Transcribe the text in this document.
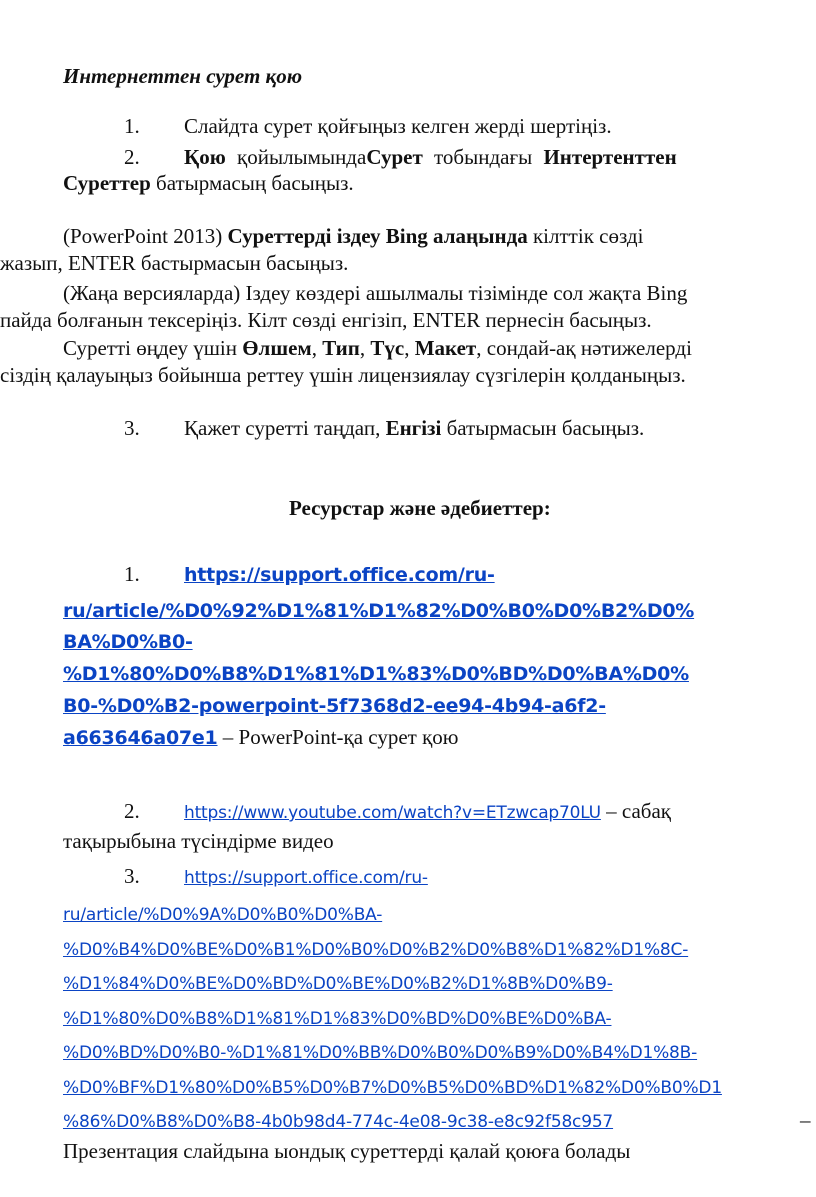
Интернеттен сурет қою
1. Слайдта сурет қойғыңыз келген жерді шертіңіз.
2. Қою қойылымындаСурет тобындағы Интертенттен
Суреттер батырмасың басыңыз.
(PowerPoint 2013) Суреттерді іздеу Bing алаңында кілттік сөзді
жазып, ENTER бастырмасын басыңыз.
(Жаңа версияларда) Іздеу көздері ашылмалы тізімінде сол жақта Bing
пайда болғанын тексеріңіз. Кілт сөзді енгізіп, ENTER пернесін басыңыз.
Суретті өңдеу үшін Өлшем, Тип, Түс, Макет, сондай-ақ нәтижелерді
сіздің қалауыңыз бойынша реттеу үшін лицензиялау сүзгілерін қолданыңыз.
3. Қажет суретті таңдап, Енгізі батырмасын басыңыз.
Ресурстар және әдебиеттер:
1. https://support.office.com/ru-
ru/article/%D0%92%D1%81%D1%82%D0%B0%D0%B2%D0%
BA%D0%B0-
%D1%80%D0%B8%D1%81%D1%83%D0%BD%D0%BA%D0%
B0-%D0%B2-powerpoint-5f7368d2-ee94-4b94-a6f2-
a663646a07e1 – PowerPoint-қа сурет қою
2.	https://www.youtube.com/watch?v=ETzwcap70LU – сабақ
тақырыбына түсіндірме видео
3.	https://support.office.com/ru-
ru/article/%D0%9A%D0%B0%D0%BA-
%D0%B4%D0%BE%D0%B1%D0%B0%D0%B2%D0%B8%D1%82%D1%8C-
%D1%84%D0%BE%D0%BD%D0%BE%D0%B2%D1%8B%D0%B9-
%D1%80%D0%B8%D1%81%D1%83%D0%BD%D0%BE%D0%BA-
%D0%BD%D0%B0-%D1%81%D0%BB%D0%B0%D0%B9%D0%B4%D1%8B-
%D0%BF%D1%80%D0%B5%D0%B7%D0%B5%D0%BD%D1%82%D0%B0%D1
%86%D0%B8%D0%B8-4b0b98d4-774c-4e08-9c38-e8c92f58c957	–
Презентация слайдына ыондық суреттерді қалай қоюға болады
